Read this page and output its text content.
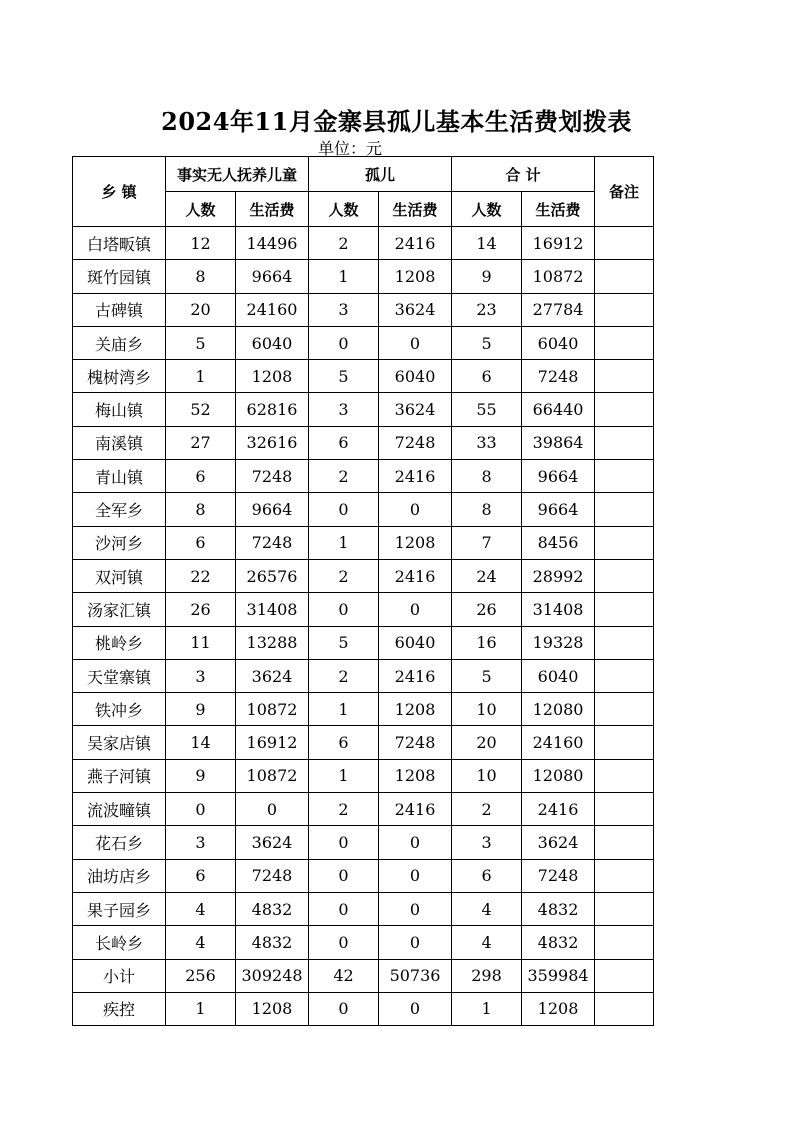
2024年11月金寨县孤儿基本生活费划拨表
单位：元
乡 镇	事实无人抚养儿童		孤儿		合 计		备注
	人数	生活费	人数	生活费	人数	生活费	
白塔畈镇	12	14496	2	2416	14	16912	
斑竹园镇	8	9664	1	1208	9	10872	
古碑镇	20	24160	3	3624	23	27784	
关庙乡	5	6040	0	0	5	6040	
槐树湾乡	1	1208	5	6040	6	7248	
梅山镇	52	62816	3	3624	55	66440	
南溪镇	27	32616	6	7248	33	39864	
青山镇	6	7248	2	2416	8	9664	
全军乡	8	9664	0	0	8	9664	
沙河乡	6	7248	1	1208	7	8456	
双河镇	22	26576	2	2416	24	28992	
汤家汇镇	26	31408	0	0	26	31408	
桃岭乡	11	13288	5	6040	16	19328	
天堂寨镇	3	3624	2	2416	5	6040	
铁冲乡	9	10872	1	1208	10	12080	
吴家店镇	14	16912	6	7248	20	24160	
燕子河镇	9	10872	1	1208	10	12080	
流波疃镇	0	0	2	2416	2	2416	
花石乡	3	3624	0	0	3	3624	
油坊店乡	6	7248	0	0	6	7248	
果子园乡	4	4832	0	0	4	4832	
长岭乡	4	4832	0	0	4	4832	
小计	256	309248	42	50736	298	359984	
疾控	1	1208	0	0	1	1208	
